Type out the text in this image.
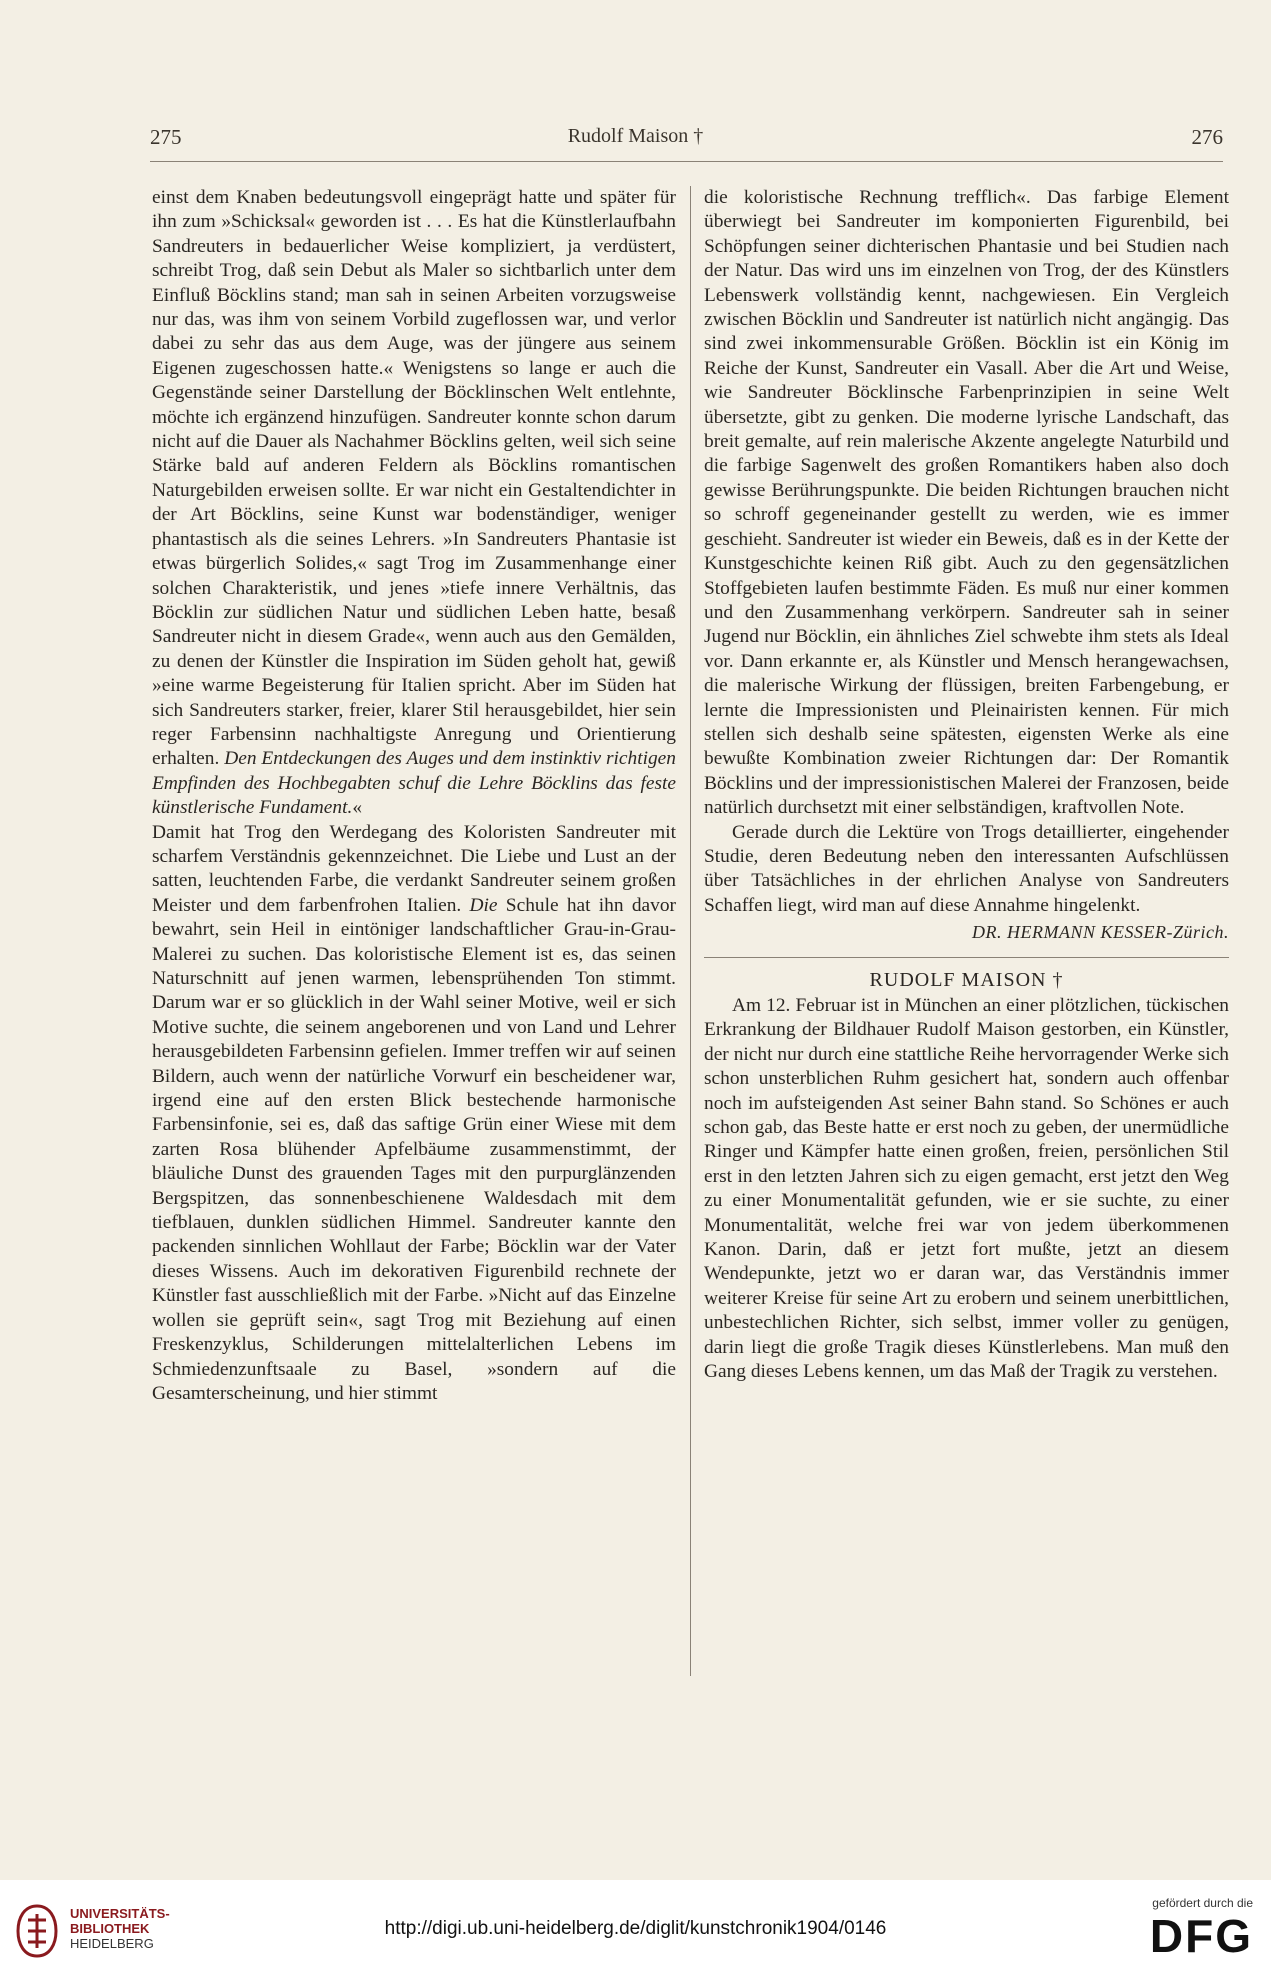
275	Rudolf Maison †	276

einst dem Knaben bedeutungsvoll eingeprägt hatte und später für ihn zum »Schicksal« geworden ist . . . Es hat die Künstlerlaufbahn Sandreuters in bedauerlicher Weise kompliziert, ja verdüstert, schreibt Trog, daß sein Debut als Maler so sichtbarlich unter dem Einfluß Böcklins stand; man sah in seinen Arbeiten vorzugsweise nur das, was ihm von seinem Vorbild zugeflossen war, und verlor dabei zu sehr das aus dem Auge, was der jüngere aus seinem Eigenen zugeschossen hatte.« Wenigstens so lange er auch die Gegenstände seiner Darstellung der Böcklinschen Welt entlehnte, möchte ich ergänzend hinzufügen. Sandreuter konnte schon darum nicht auf die Dauer als Nachahmer Böcklins gelten, weil sich seine Stärke bald auf anderen Feldern als Böcklins romantischen Naturgebilden erweisen sollte. Er war nicht ein Gestaltendichter in der Art Böcklins, seine Kunst war bodenständiger, weniger phantastisch als die seines Lehrers. »In Sandreuters Phantasie ist etwas bürgerlich Solides,« sagt Trog im Zusammenhange einer solchen Charakteristik, und jenes »tiefe innere Verhältnis, das Böcklin zur südlichen Natur und südlichen Leben hatte, besaß Sandreuter nicht in diesem Grade«, wenn auch aus den Gemälden, zu denen der Künstler die Inspiration im Süden geholt hat, gewiß »eine warme Begeisterung für Italien spricht. Aber im Süden hat sich Sandreuters starker, freier, klarer Stil herausgebildet, hier sein reger Farbensinn nachhaltigste Anregung und Orientierung erhalten. Den Entdeckungen des Auges und dem instinktiv richtigen Empfinden des Hochbegabten schuf die Lehre Böcklins das feste künstlerische Fundament.«

Damit hat Trog den Werdegang des Koloristen Sandreuter mit scharfem Verständnis gekennzeichnet. Die Liebe und Lust an der satten, leuchtenden Farbe, die verdankt Sandreuter seinem großen Meister und dem farbenfrohen Italien. Die Schule hat ihn davor bewahrt, sein Heil in eintöniger landschaftlicher Grau-in-Grau-Malerei zu suchen. Das koloristische Element ist es, das seinen Naturschnitt auf jenen warmen, lebensprühenden Ton stimmt. Darum war er so glücklich in der Wahl seiner Motive, weil er sich Motive suchte, die seinem angeborenen und von Land und Lehrer herausgebildeten Farbensinn gefielen. Immer treffen wir auf seinen Bildern, auch wenn der natürliche Vorwurf ein bescheidener war, irgend eine auf den ersten Blick bestechende harmonische Farbensinfonie, sei es, daß das saftige Grün einer Wiese mit dem zarten Rosa blühender Apfelbäume zusammenstimmt, der bläuliche Dunst des grauenden Tages mit den purpurglänzenden Bergspitzen, das sonnenbeschienene Waldesdach mit dem tiefblauen, dunklen südlichen Himmel. Sandreuter kannte den packenden sinnlichen Wohllaut der Farbe; Böcklin war der Vater dieses Wissens. Auch im dekorativen Figurenbild rechnete der Künstler fast ausschließlich mit der Farbe. »Nicht auf das Einzelne wollen sie geprüft sein«, sagt Trog mit Beziehung auf einen Freskenzyklus, Schilderungen mittelalterlichen Lebens im Schmiedenzunftsaale zu Basel, »sondern auf die Gesamterscheinung, und hier stimmt

die koloristische Rechnung trefflich«. Das farbige Element überwiegt bei Sandreuter im komponierten Figurenbild, bei Schöpfungen seiner dichterischen Phantasie und bei Studien nach der Natur. Das wird uns im einzelnen von Trog, der des Künstlers Lebenswerk vollständig kennt, nachgewiesen. Ein Vergleich zwischen Böcklin und Sandreuter ist natürlich nicht angängig. Das sind zwei inkommensurable Größen. Böcklin ist ein König im Reiche der Kunst, Sandreuter ein Vasall. Aber die Art und Weise, wie Sandreuter Böcklinsche Farbenprinzipien in seine Welt übersetzte, gibt zu genken. Die moderne lyrische Landschaft, das breit gemalte, auf rein malerische Akzente angelegte Naturbild und die farbige Sagenwelt des großen Romantikers haben also doch gewisse Berührungspunkte. Die beiden Richtungen brauchen nicht so schroff gegeneinander gestellt zu werden, wie es immer geschieht. Sandreuter ist wieder ein Beweis, daß es in der Kette der Kunstgeschichte keinen Riß gibt. Auch zu den gegensätzlichen Stoffgebieten laufen bestimmte Fäden. Es muß nur einer kommen und den Zusammenhang verkörpern. Sandreuter sah in seiner Jugend nur Böcklin, ein ähnliches Ziel schwebte ihm stets als Ideal vor. Dann erkannte er, als Künstler und Mensch herangewachsen, die malerische Wirkung der flüssigen, breiten Farbengebung, er lernte die Impressionisten und Pleinairisten kennen. Für mich stellen sich deshalb seine spätesten, eigensten Werke als eine bewußte Kombination zweier Richtungen dar: Der Romantik Böcklins und der impressionistischen Malerei der Franzosen, beide natürlich durchsetzt mit einer selbständigen, kraftvollen Note.

Gerade durch die Lektüre von Trogs detaillierter, eingehender Studie, deren Bedeutung neben den interessanten Aufschlüssen über Tatsächliches in der ehrlichen Analyse von Sandreuters Schaffen liegt, wird man auf diese Annahme hingelenkt.

DR. HERMANN KESSER-Zürich.

RUDOLF MAISON †

Am 12. Februar ist in München an einer plötzlichen, tückischen Erkrankung der Bildhauer Rudolf Maison gestorben, ein Künstler, der nicht nur durch eine stattliche Reihe hervorragender Werke sich schon unsterblichen Ruhm gesichert hat, sondern auch offenbar noch im aufsteigenden Ast seiner Bahn stand. So Schönes er auch schon gab, das Beste hatte er erst noch zu geben, der unermüdliche Ringer und Kämpfer hatte einen großen, freien, persönlichen Stil erst in den letzten Jahren sich zu eigen gemacht, erst jetzt den Weg zu einer Monumentalität gefunden, wie er sie suchte, zu einer Monumentalität, welche frei war von jedem überkommenen Kanon. Darin, daß er jetzt fort mußte, jetzt an diesem Wendepunkte, jetzt wo er daran war, das Verständnis immer weiterer Kreise für seine Art zu erobern und seinem unerbittlichen, unbestechlichen Richter, sich selbst, immer voller zu genügen, darin liegt die große Tragik dieses Künstlerlebens. Man muß den Gang dieses Lebens kennen, um das Maß der Tragik zu verstehen.

UNIVERSITÄTS-
BIBLIOTHEK
HEIDELBERG
http://digi.ub.uni-heidelberg.de/diglit/kunstchronik1904/0146
gefördert durch die
DFG
